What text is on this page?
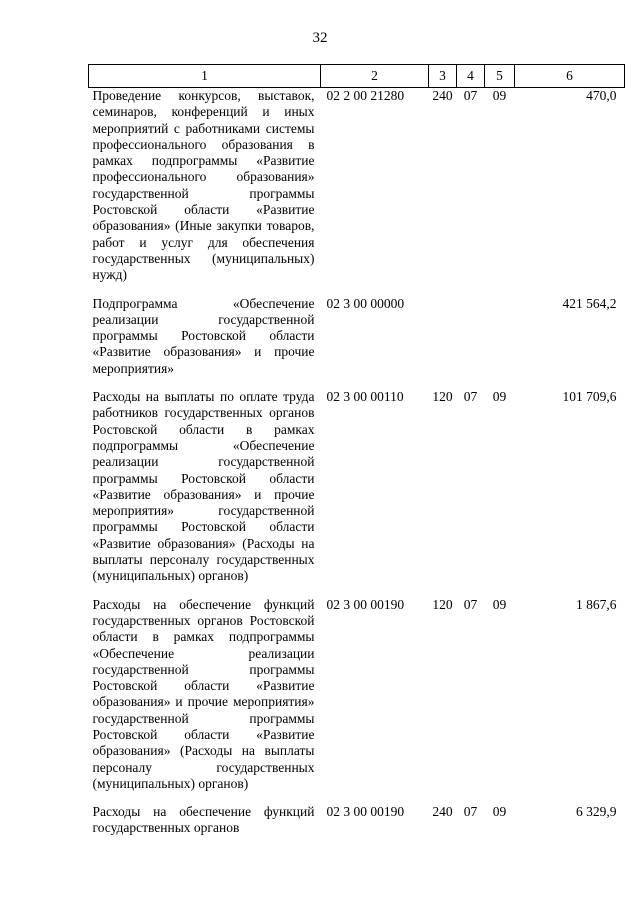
32
1	2	3	4	5	6
Проведение конкурсов, выставок, семинаров, конференций и иных мероприятий с работниками системы профессионального образования в рамках подпрограммы «Развитие профессионального образования» государственной программы Ростовской области «Развитие образования» (Иные закупки товаров, работ и услуг для обеспечения государственных (муниципальных) нужд)	02 2 00 21280	240	07	09	470,0
Подпрограмма «Обеспечение реализации государственной программы Ростовской области «Развитие образования» и прочие мероприятия»	02 3 00 00000				421 564,2
Расходы на выплаты по оплате труда работников государственных органов Ростовской области в рамках подпрограммы «Обеспечение реализации государственной программы Ростовской области «Развитие образования» и прочие мероприятия» государственной программы Ростовской области «Развитие образования» (Расходы на выплаты персоналу государственных (муниципальных) органов)	02 3 00 00110	120	07	09	101 709,6
Расходы на обеспечение функций государственных органов Ростовской области в рамках подпрограммы «Обеспечение реализации государственной программы Ростовской области «Развитие образования» и прочие мероприятия» государственной программы Ростовской области «Развитие образования» (Расходы на выплаты персоналу государственных (муниципальных) органов)	02 3 00 00190	120	07	09	1 867,6
Расходы на обеспечение функций государственных органов	02 3 00 00190	240	07	09	6 329,9
